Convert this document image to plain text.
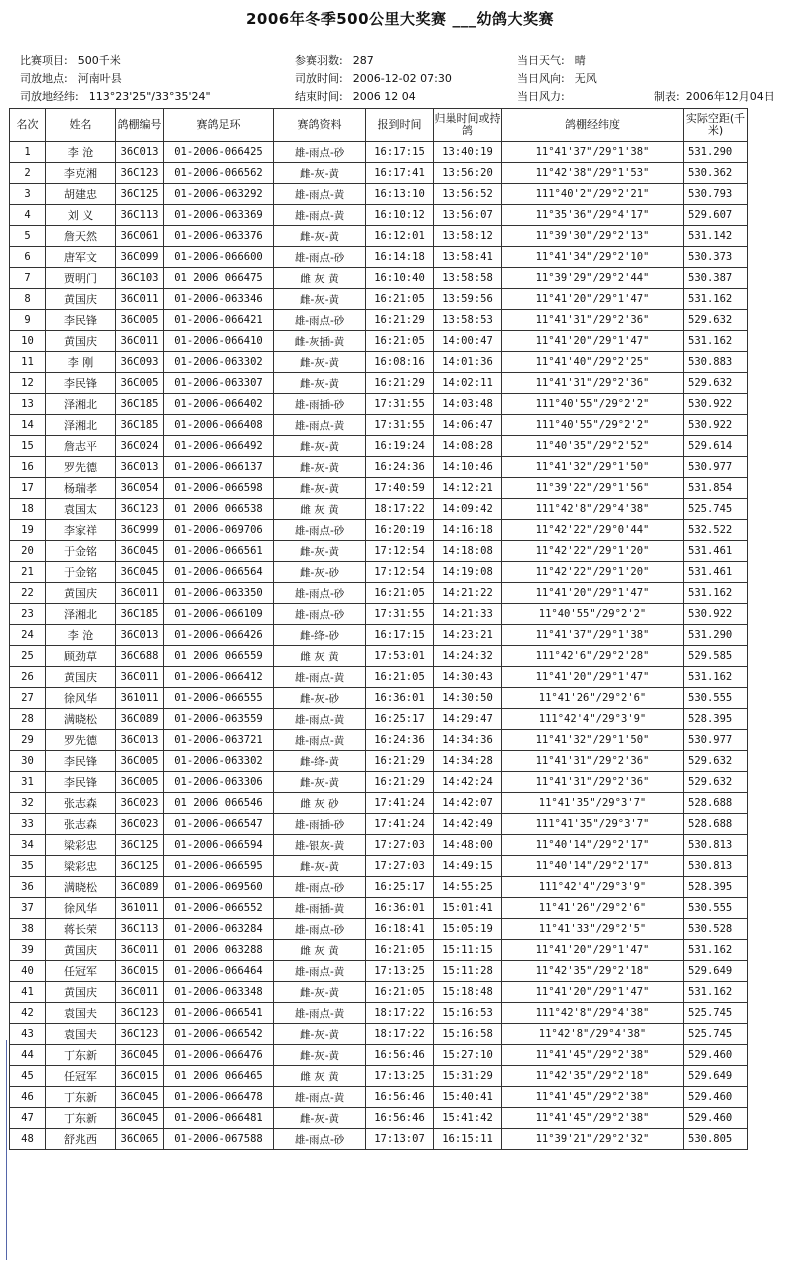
2006年冬季500公里大奖赛 ___幼鸽大奖赛
比赛项目: 500千米
司放地点: 河南叶县
司放地经纬: 113°23'25"/33°35'24"
参赛羽数: 287
司放时间: 2006-12-02 07:30
结束时间: 2006 12 04
当日天气: 晴
当日风向: 无风
当日风力:	制表: 2006年12月04日
名次	姓名	鸽棚编号	赛鸽足环	赛鸽资料	报到时间	归巢时间或持鸽	鸽棚经纬度	实际空距(千米)
1	李 沧	36C013	01-2006-066425	雄-雨点-砂	16:17:15	13:40:19	11°41'37"/29°1'38"	531.290
2	李克湘	36C123	01-2006-066562	雌-灰-黄	16:17:41	13:56:20	11°42'38"/29°1'53"	530.362
3	胡建忠	36C125	01-2006-063292	雄-雨点-黄	16:13:10	13:56:52	111°40'2"/29°2'21"	530.793
4	刘 义	36C113	01-2006-063369	雄-雨点-黄	16:10:12	13:56:07	11°35'36"/29°4'17"	529.607
5	詹天然	36C061	01-2006-063376	雌-灰-黄	16:12:01	13:58:12	11°39'30"/29°2'13"	531.142
6	唐军文	36C099	01-2006-066600	雄-雨点-砂	16:14:18	13:58:41	11°41'34"/29°2'10"	530.373
7	贾明门	36C103	01 2006 066475	雌 灰 黄	16:10:40	13:58:58	11°39'29"/29°2'44"	530.387
8	黄国庆	36C011	01-2006-063346	雌-灰-黄	16:21:05	13:59:56	11°41'20"/29°1'47"	531.162
9	李民锋	36C005	01-2006-066421	雄-雨点-砂	16:21:29	13:58:53	11°41'31"/29°2'36"	529.632
10	黄国庆	36C011	01-2006-066410	雌-灰插-黄	16:21:05	14:00:47	11°41'20"/29°1'47"	531.162
11	李 刚	36C093	01-2006-063302	雌-灰-黄	16:08:16	14:01:36	11°41'40"/29°2'25"	530.883
12	李民锋	36C005	01-2006-063307	雌-灰-黄	16:21:29	14:02:11	11°41'31"/29°2'36"	529.632
13	泽湘北	36C185	01-2006-066402	雄-雨插-砂	17:31:55	14:03:48	111°40'55"/29°2'2"	530.922
14	泽湘北	36C185	01-2006-066408	雄-雨点-黄	17:31:55	14:06:47	111°40'55"/29°2'2"	530.922
15	詹志平	36C024	01-2006-066492	雌-灰-黄	16:19:24	14:08:28	11°40'35"/29°2'52"	529.614
16	罗先德	36C013	01-2006-066137	雌-灰-黄	16:24:36	14:10:46	11°41'32"/29°1'50"	530.977
17	杨瑞孝	36C054	01-2006-066598	雌-灰-黄	17:40:59	14:12:21	11°39'22"/29°1'56"	531.854
18	袁国太	36C123	01 2006 066538	雌 灰 黄	18:17:22	14:09:42	111°42'8"/29°4'38"	525.745
19	李家祥	36C999	01-2006-069706	雄-雨点-砂	16:20:19	14:16:18	11°42'22"/29°0'44"	532.522
20	于金铭	36C045	01-2006-066561	雌-灰-黄	17:12:54	14:18:08	11°42'22"/29°1'20"	531.461
21	于金铭	36C045	01-2006-066564	雌-灰-砂	17:12:54	14:19:08	11°42'22"/29°1'20"	531.461
22	黄国庆	36C011	01-2006-063350	雄-雨点-砂	16:21:05	14:21:22	11°41'20"/29°1'47"	531.162
23	泽湘北	36C185	01-2006-066109	雄-雨点-砂	17:31:55	14:21:33	11°40'55"/29°2'2"	530.922
24	李 沧	36C013	01-2006-066426	雌-绛-砂	16:17:15	14:23:21	11°41'37"/29°1'38"	531.290
25	顾劲草	36C688	01 2006 066559	雌 灰 黄	17:53:01	14:24:32	111°42'6"/29°2'28"	529.585
26	黄国庆	36C011	01-2006-066412	雄-雨点-黄	16:21:05	14:30:43	11°41'20"/29°1'47"	531.162
27	徐风华	361011	01-2006-066555	雌-灰-砂	16:36:01	14:30:50	11°41'26"/29°2'6"	530.555
28	满晓松	36C089	01-2006-063559	雄-雨点-黄	16:25:17	14:29:47	111°42'4"/29°3'9"	528.395
29	罗先德	36C013	01-2006-063721	雄-雨点-黄	16:24:36	14:34:36	11°41'32"/29°1'50"	530.977
30	李民锋	36C005	01-2006-063302	雌-绛-黄	16:21:29	14:34:28	11°41'31"/29°2'36"	529.632
31	李民锋	36C005	01-2006-063306	雌-灰-黄	16:21:29	14:42:24	11°41'31"/29°2'36"	529.632
32	张志森	36C023	01 2006 066546	雌 灰 砂	17:41:24	14:42:07	11°41'35"/29°3'7"	528.688
33	张志森	36C023	01-2006-066547	雄-雨插-砂	17:41:24	14:42:49	111°41'35"/29°3'7"	528.688
34	梁彩忠	36C125	01-2006-066594	雄-银灰-黄	17:27:03	14:48:00	11°40'14"/29°2'17"	530.813
35	梁彩忠	36C125	01-2006-066595	雌-灰-黄	17:27:03	14:49:15	11°40'14"/29°2'17"	530.813
36	满晓松	36C089	01-2006-069560	雄-雨点-砂	16:25:17	14:55:25	111°42'4"/29°3'9"	528.395
37	徐风华	361011	01-2006-066552	雄-雨插-黄	16:36:01	15:01:41	11°41'26"/29°2'6"	530.555
38	蒋长荣	36C113	01-2006-063284	雄-雨点-砂	16:18:41	15:05:19	11°41'33"/29°2'5"	530.528
39	黄国庆	36C011	01 2006 063288	雌 灰 黄	16:21:05	15:11:15	11°41'20"/29°1'47"	531.162
40	任冠军	36C015	01-2006-066464	雄-雨点-黄	17:13:25	15:11:28	11°42'35"/29°2'18"	529.649
41	黄国庆	36C011	01-2006-063348	雌-灰-黄	16:21:05	15:18:48	11°41'20"/29°1'47"	531.162
42	袁国夫	36C123	01-2006-066541	雄-雨点-黄	18:17:22	15:16:53	111°42'8"/29°4'38"	525.745
43	袁国夫	36C123	01-2006-066542	雌-灰-黄	18:17:22	15:16:58	11°42'8"/29°4'38"	525.745
44	丁东新	36C045	01-2006-066476	雌-灰-黄	16:56:46	15:27:10	11°41'45"/29°2'38"	529.460
45	任冠军	36C015	01 2006 066465	雌 灰 黄	17:13:25	15:31:29	11°42'35"/29°2'18"	529.649
46	丁东新	36C045	01-2006-066478	雄-雨点-黄	16:56:46	15:40:41	11°41'45"/29°2'38"	529.460
47	丁东新	36C045	01-2006-066481	雌-灰-黄	16:56:46	15:41:42	11°41'45"/29°2'38"	529.460
48	舒兆西	36C065	01-2006-067588	雄-雨点-砂	17:13:07	16:15:11	11°39'21"/29°2'32"	530.805
